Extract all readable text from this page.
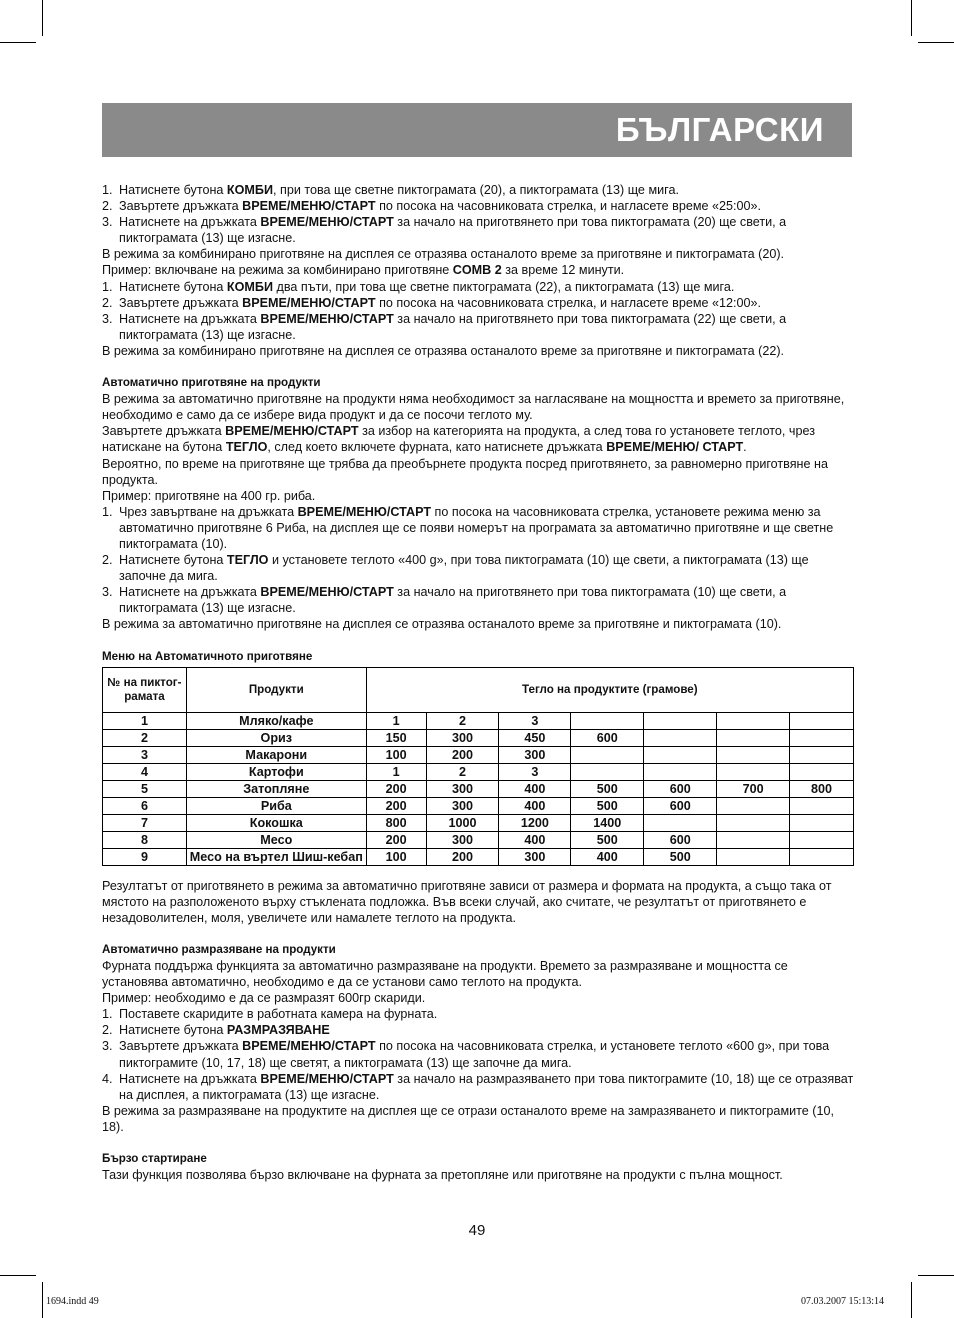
БЪЛГАРСКИ

1. Натиснете бутона КОМБИ, при това ще светне пиктограмата (20), а пиктограмата (13) ще мига.

2. Завъртете дръжката ВРЕМЕ/МЕНЮ/СТАРТ по посока на часовниковата стрелка, и нагласете време «25:00».

3. Натиснете на дръжката ВРЕМЕ/МЕНЮ/СТАРТ за начало на приготвянето при това пиктограмата (20) ще свети, а пиктограмата (13) ще изгасне.

В режима за комбинирано приготвяне на дисплея се отразява останалото време за приготвяне и пиктограмата (20).

Пример: включване на режима за комбинирано приготвяне COMB 2 за време 12 минути.

1. Натиснете бутона КОМБИ два пъти, при това ще светне пиктограмата (22), а пиктограмата (13) ще мига.

2. Завъртете дръжката ВРЕМЕ/МЕНЮ/СТАРТ по посока на часовниковата стрелка, и нагласете време «12:00».

3. Натиснете на дръжката ВРЕМЕ/МЕНЮ/СТАРТ за начало на приготвянето при това пиктограмата (22) ще свети, а пиктограмата (13) ще изгасне.

В режима за комбинирано приготвяне на дисплея се отразява останалото време за приготвяне и пиктограмата (22).

Автоматично приготвяне на продукти

В режима за автоматично приготвяне на продукти няма необходимост за нагласяване на мощността и времето за приготвяне, необходимо е само да се избере вида продукт и да се посочи теглото му.

Завъртете дръжката ВРЕМЕ/МЕНЮ/СТАРТ за избор на категорията на продукта, а след това го установете теглото, чрез натискане на бутона ТЕГЛО, след което включете фурната, като натиснете дръжката ВРЕМЕ/МЕНЮ/ СТАРТ.

Вероятно, по време на приготвяне ще трябва да преобърнете продукта посред приготвянето, за равномерно приготвяне на продукта.

Пример: приготвяне на 400 гр. риба.

1. Чрез завъртване на дръжката ВРЕМЕ/МЕНЮ/СТАРТ по посока на часовниковата стрелка, установете режима меню за автоматично приготвяне 6 Риба, на дисплея ще се появи номерът на програмата за автоматично приготвяне и ще светне пиктограмата (10).

2. Натиснете бутона ТЕГЛО и установете теглото «400 g», при това пиктограмата (10) ще свети, а пиктограмата (13) ще започне да мига.

3. Натиснете на дръжката ВРЕМЕ/МЕНЮ/СТАРТ за начало на приготвянето при това пиктограмата (10) ще свети, а пиктограмата (13) ще изгасне.

В режима за автоматично приготвяне на дисплея се отразява останалото време за приготвяне и пиктограмата (10).

Меню на Автоматичното приготвяне

№ на пиктограмата	Продукти	Тегло на продуктите (грамове)						
1	Мляко/кафе	1	2	3				
2	Ориз	150	300	450	600			
3	Макарони	100	200	300				
4	Картофи	1	2	3				
5	Затопляне	200	300	400	500	600	700	800
6	Риба	200	300	400	500	600		
7	Кокошка	800	1000	1200	1400			
8	Месо	200	300	400	500	600		
9	Месо на въртел Шиш-кебап	100	200	300	400	500		

Резултатът от приготвянето в режима за автоматично приготвяне зависи от размера и формата на продукта, а също така от мястото на разположеното върху стъклената подложка. Във всеки случай, ако считате, че резултатът от приготвянето е незадоволителен, моля, увеличете или намалете теглото на продукта.

Автоматично размразяване на продукти

Фурната поддържа функцията за автоматично размразяване на продукти. Времето за размразяване и мощността се установява автоматично, необходимо е да се установи само теглото на продукта.

Пример: необходимо е да се размразят 600гр скариди.

1. Поставете скаридите в работната камера на фурната.

2. Натиснете бутона РАЗМРАЗЯВАНЕ

3. Завъртете дръжката ВРЕМЕ/МЕНЮ/СТАРТ по посока на часовниковата стрелка, и установете теглото «600 g», при това пиктограмите (10, 17, 18) ще светят, а пиктограмата (13) ще започне да мига.

4. Натиснете на дръжката ВРЕМЕ/МЕНЮ/СТАРТ за начало на размразяването при това пиктограмите (10, 18) ще се отразяват на дисплея, а пиктограмата (13) ще изгасне.

В режима за размразяване на продуктите на дисплея ще се отрази останалото време на замразяването и пиктограмите (10, 18).

Бързо стартиране

Тази функция позволява бързо включване на фурната за претопляне или приготвяне на продукти с пълна мощност.

49
1694.indd 49	07.03.2007 15:13:14
